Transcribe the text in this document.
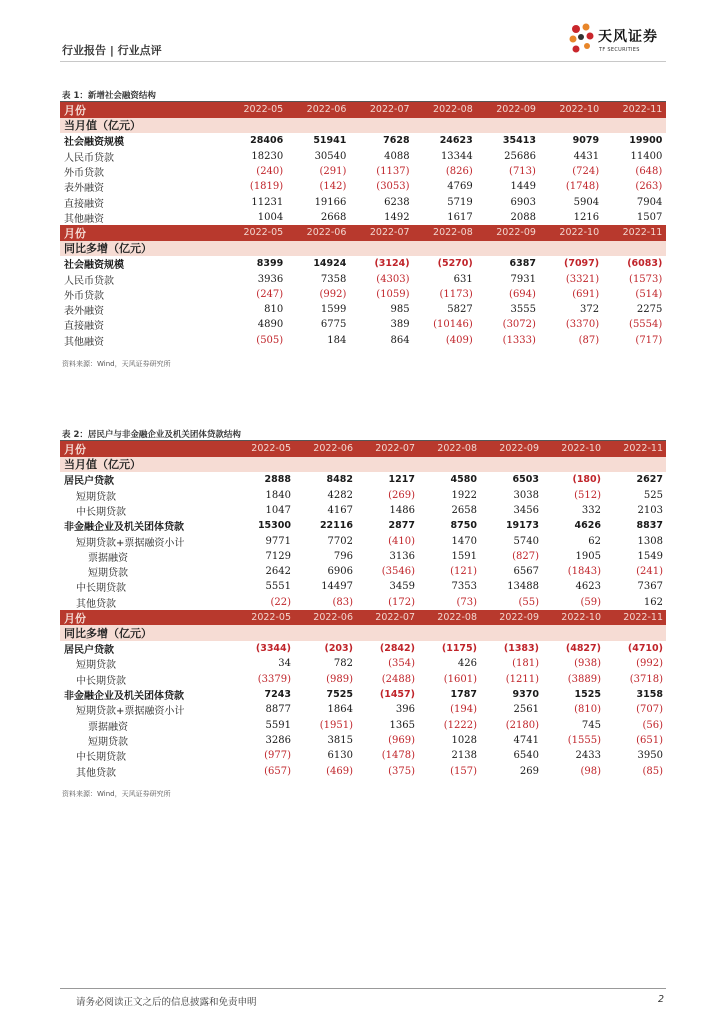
行业报告 | 行业点评
天风证券
TF SECURITIES
表 1：新增社会融资结构
月份	2022-05	2022-06	2022-07	2022-08	2022-09	2022-10	2022-11
当月值（亿元）
社会融资规模	28406	51941	7628	24623	35413	9079	19900
人民币贷款	18230	30540	4088	13344	25686	4431	11400
外币贷款	(240)	(291)	(1137)	(826)	(713)	(724)	(648)
表外融资	(1819)	(142)	(3053)	4769	1449	(1748)	(263)
直接融资	11231	19166	6238	5719	6903	5904	7904
其他融资	1004	2668	1492	1617	2088	1216	1507
月份	2022-05	2022-06	2022-07	2022-08	2022-09	2022-10	2022-11
同比多增（亿元）
社会融资规模	8399	14924	(3124)	(5270)	6387	(7097)	(6083)
人民币贷款	3936	7358	(4303)	631	7931	(3321)	(1573)
外币贷款	(247)	(992)	(1059)	(1173)	(694)	(691)	(514)
表外融资	810	1599	985	5827	3555	372	2275
直接融资	4890	6775	389	(10146)	(3072)	(3370)	(5554)
其他融资	(505)	184	864	(409)	(1333)	(87)	(717)
资料来源：Wind，天风证券研究所
表 2：居民户与非金融企业及机关团体贷款结构
月份	2022-05	2022-06	2022-07	2022-08	2022-09	2022-10	2022-11
当月值（亿元）
居民户贷款	2888	8482	1217	4580	6503	(180)	2627
短期贷款	1840	4282	(269)	1922	3038	(512)	525
中长期贷款	1047	4167	1486	2658	3456	332	2103
非金融企业及机关团体贷款	15300	22116	2877	8750	19173	4626	8837
短期贷款+票据融资小计	9771	7702	(410)	1470	5740	62	1308
票据融资	7129	796	3136	1591	(827)	1905	1549
短期贷款	2642	6906	(3546)	(121)	6567	(1843)	(241)
中长期贷款	5551	14497	3459	7353	13488	4623	7367
其他贷款	(22)	(83)	(172)	(73)	(55)	(59)	162
月份	2022-05	2022-06	2022-07	2022-08	2022-09	2022-10	2022-11
同比多增（亿元）
居民户贷款	(3344)	(203)	(2842)	(1175)	(1383)	(4827)	(4710)
短期贷款	34	782	(354)	426	(181)	(938)	(992)
中长期贷款	(3379)	(989)	(2488)	(1601)	(1211)	(3889)	(3718)
非金融企业及机关团体贷款	7243	7525	(1457)	1787	9370	1525	3158
短期贷款+票据融资小计	8877	1864	396	(194)	2561	(810)	(707)
票据融资	5591	(1951)	1365	(1222)	(2180)	745	(56)
短期贷款	3286	3815	(969)	1028	4741	(1555)	(651)
中长期贷款	(977)	6130	(1478)	2138	6540	2433	3950
其他贷款	(657)	(469)	(375)	(157)	269	(98)	(85)
资料来源：Wind，天风证券研究所
请务必阅读正文之后的信息披露和免责申明	2
